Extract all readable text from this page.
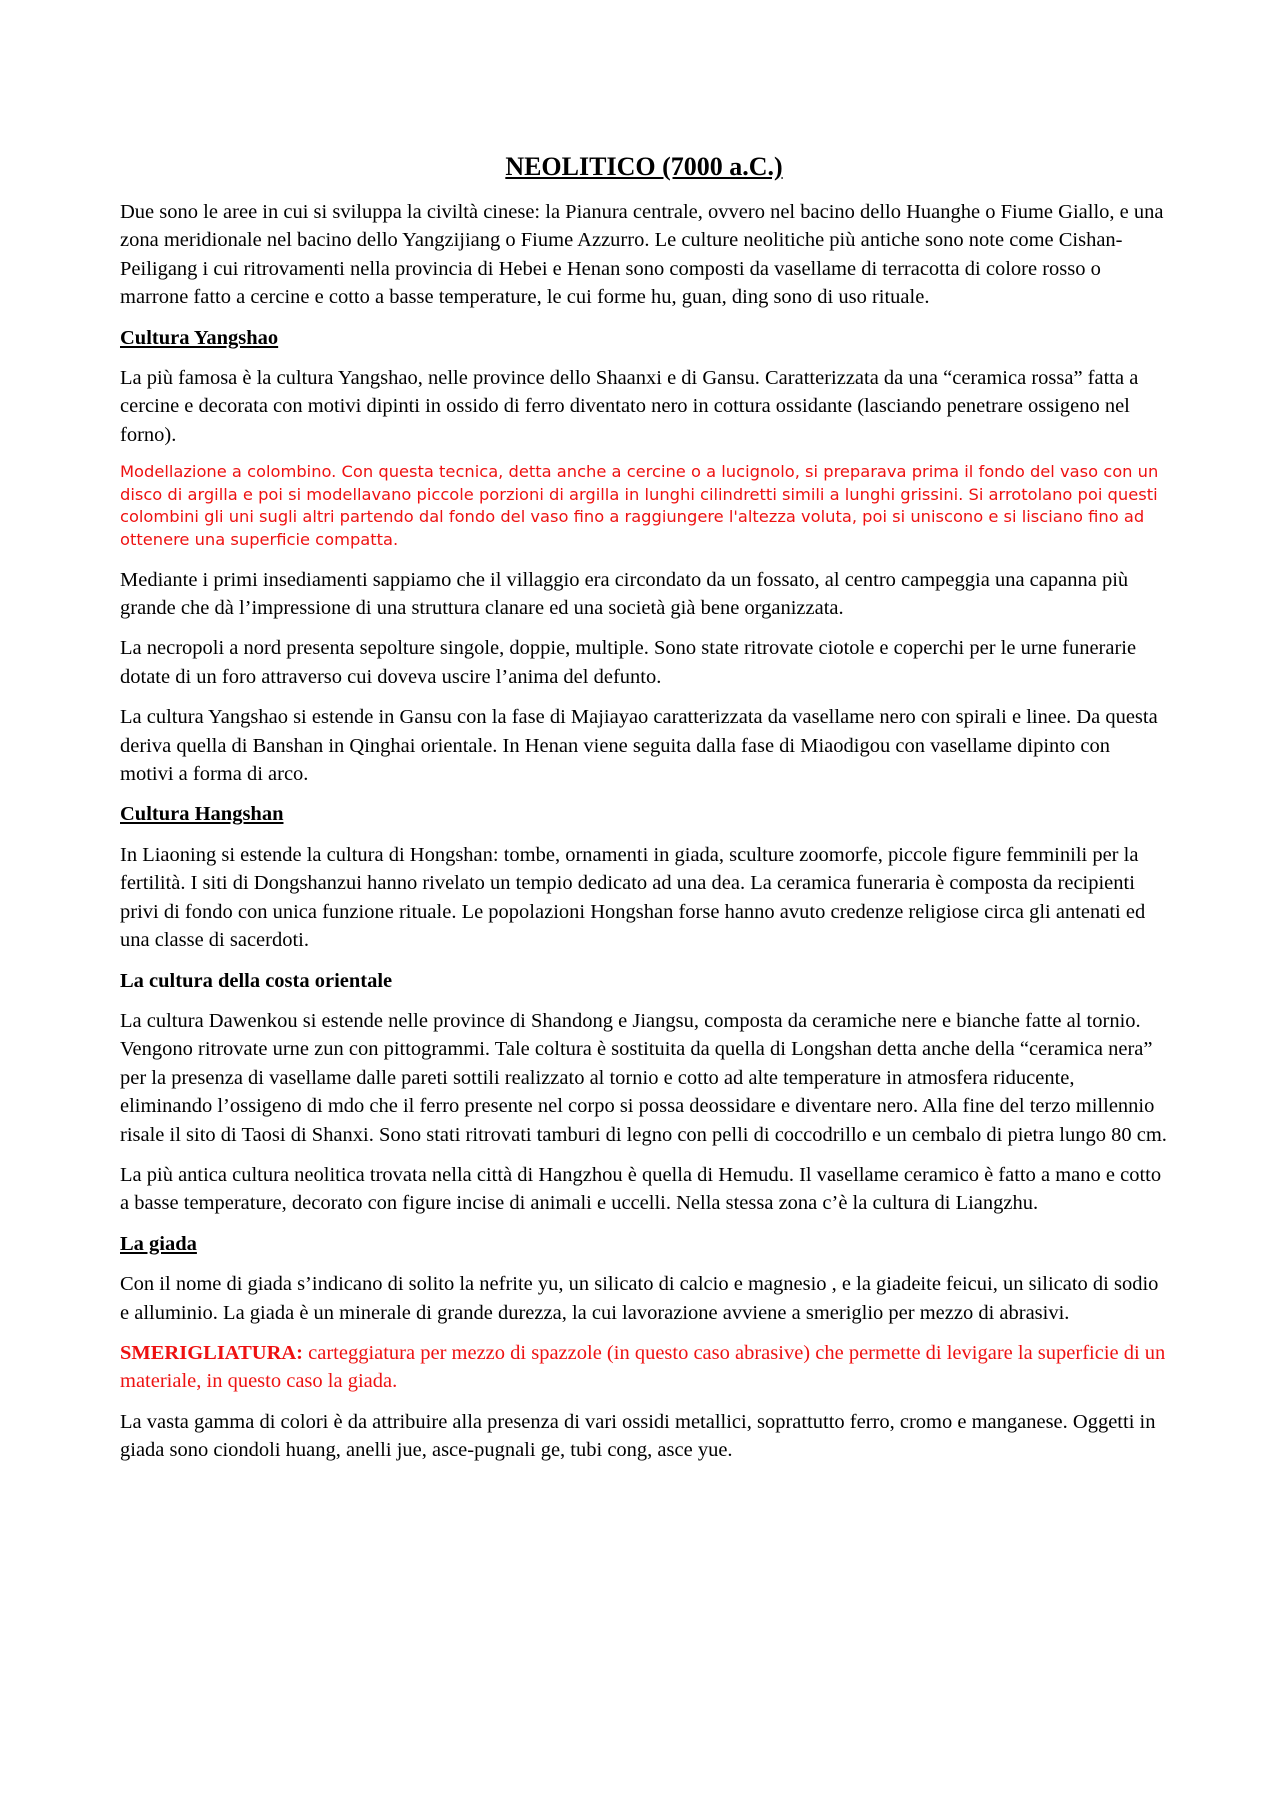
NEOLITICO (7000 a.C.)

Due sono le aree in cui si sviluppa la civiltà cinese: la Pianura centrale, ovvero nel bacino dello Huanghe o Fiume Giallo, e una zona meridionale nel bacino dello Yangzijiang o Fiume Azzurro. Le culture neolitiche più antiche sono note come Cishan-Peiligang i cui ritrovamenti nella provincia di Hebei e Henan sono composti da vasellame di terracotta di colore rosso o marrone fatto a cercine e cotto a basse temperature, le cui forme hu, guan, ding sono di uso rituale.

Cultura Yangshao

La più famosa è la cultura Yangshao, nelle province dello Shaanxi e di Gansu. Caratterizzata da una “ceramica rossa” fatta a cercine e decorata con motivi dipinti in ossido di ferro diventato nero in cottura ossidante (lasciando penetrare ossigeno nel forno).

Modellazione a colombino. Con questa tecnica, detta anche a cercine o a lucignolo, si preparava prima il fondo del vaso con un disco di argilla e poi si modellavano piccole porzioni di argilla in lunghi cilindretti simili a lunghi grissini. Si arrotolano poi questi colombini gli uni sugli altri partendo dal fondo del vaso fino a raggiungere l'altezza voluta, poi si uniscono e si lisciano fino ad ottenere una superficie compatta.

Mediante i primi insediamenti sappiamo che il villaggio era circondato da un fossato, al centro campeggia una capanna più grande che dà l’impressione di una struttura clanare ed una società già bene organizzata.

La necropoli a nord presenta sepolture singole, doppie, multiple. Sono state ritrovate ciotole e coperchi per le urne funerarie dotate di un foro attraverso cui doveva uscire l’anima del defunto.

La cultura Yangshao si estende in Gansu con la fase di Majiayao caratterizzata da vasellame nero con spirali e linee. Da questa deriva quella di Banshan in Qinghai orientale. In Henan viene seguita dalla fase di Miaodigou con vasellame dipinto con motivi a forma di arco.

Cultura Hangshan

In Liaoning si estende la cultura di Hongshan: tombe, ornamenti in giada, sculture zoomorfe, piccole figure femminili per la fertilità. I siti di Dongshanzui hanno rivelato un tempio dedicato ad una dea. La ceramica funeraria è composta da recipienti privi di fondo con unica funzione rituale. Le popolazioni Hongshan forse hanno avuto credenze religiose circa gli antenati ed una classe di sacerdoti.

La cultura della costa orientale

La cultura Dawenkou si estende nelle province di Shandong e Jiangsu, composta da ceramiche nere e bianche fatte al tornio. Vengono ritrovate urne zun con pittogrammi. Tale coltura è sostituita da quella di Longshan detta anche della “ceramica nera” per la presenza di vasellame dalle pareti sottili realizzato al tornio e cotto ad alte temperature in atmosfera riducente, eliminando l’ossigeno di mdo che il ferro presente nel corpo si possa deossidare e diventare nero. Alla fine del terzo millennio risale il sito di Taosi di Shanxi. Sono stati ritrovati tamburi di legno con pelli di coccodrillo e un cembalo di pietra lungo 80 cm.

La più antica cultura neolitica trovata nella città di Hangzhou è quella di Hemudu. Il vasellame ceramico è fatto a mano e cotto a basse temperature, decorato con figure incise di animali e uccelli. Nella stessa zona c’è la cultura di Liangzhu.

La giada

Con il nome di giada s’indicano di solito la nefrite yu, un silicato di calcio e magnesio , e la giadeite feicui, un silicato di sodio e alluminio. La giada è un minerale di grande durezza, la cui lavorazione avviene a smeriglio per mezzo di abrasivi.

SMERIGLIATURA: carteggiatura per mezzo di spazzole (in questo caso abrasive) che permette di levigare la superficie di un materiale, in questo caso la giada.

La vasta gamma di colori è da attribuire alla presenza di vari ossidi metallici, soprattutto ferro, cromo e manganese. Oggetti in giada sono ciondoli huang, anelli jue, asce-pugnali ge, tubi cong, asce yue.
